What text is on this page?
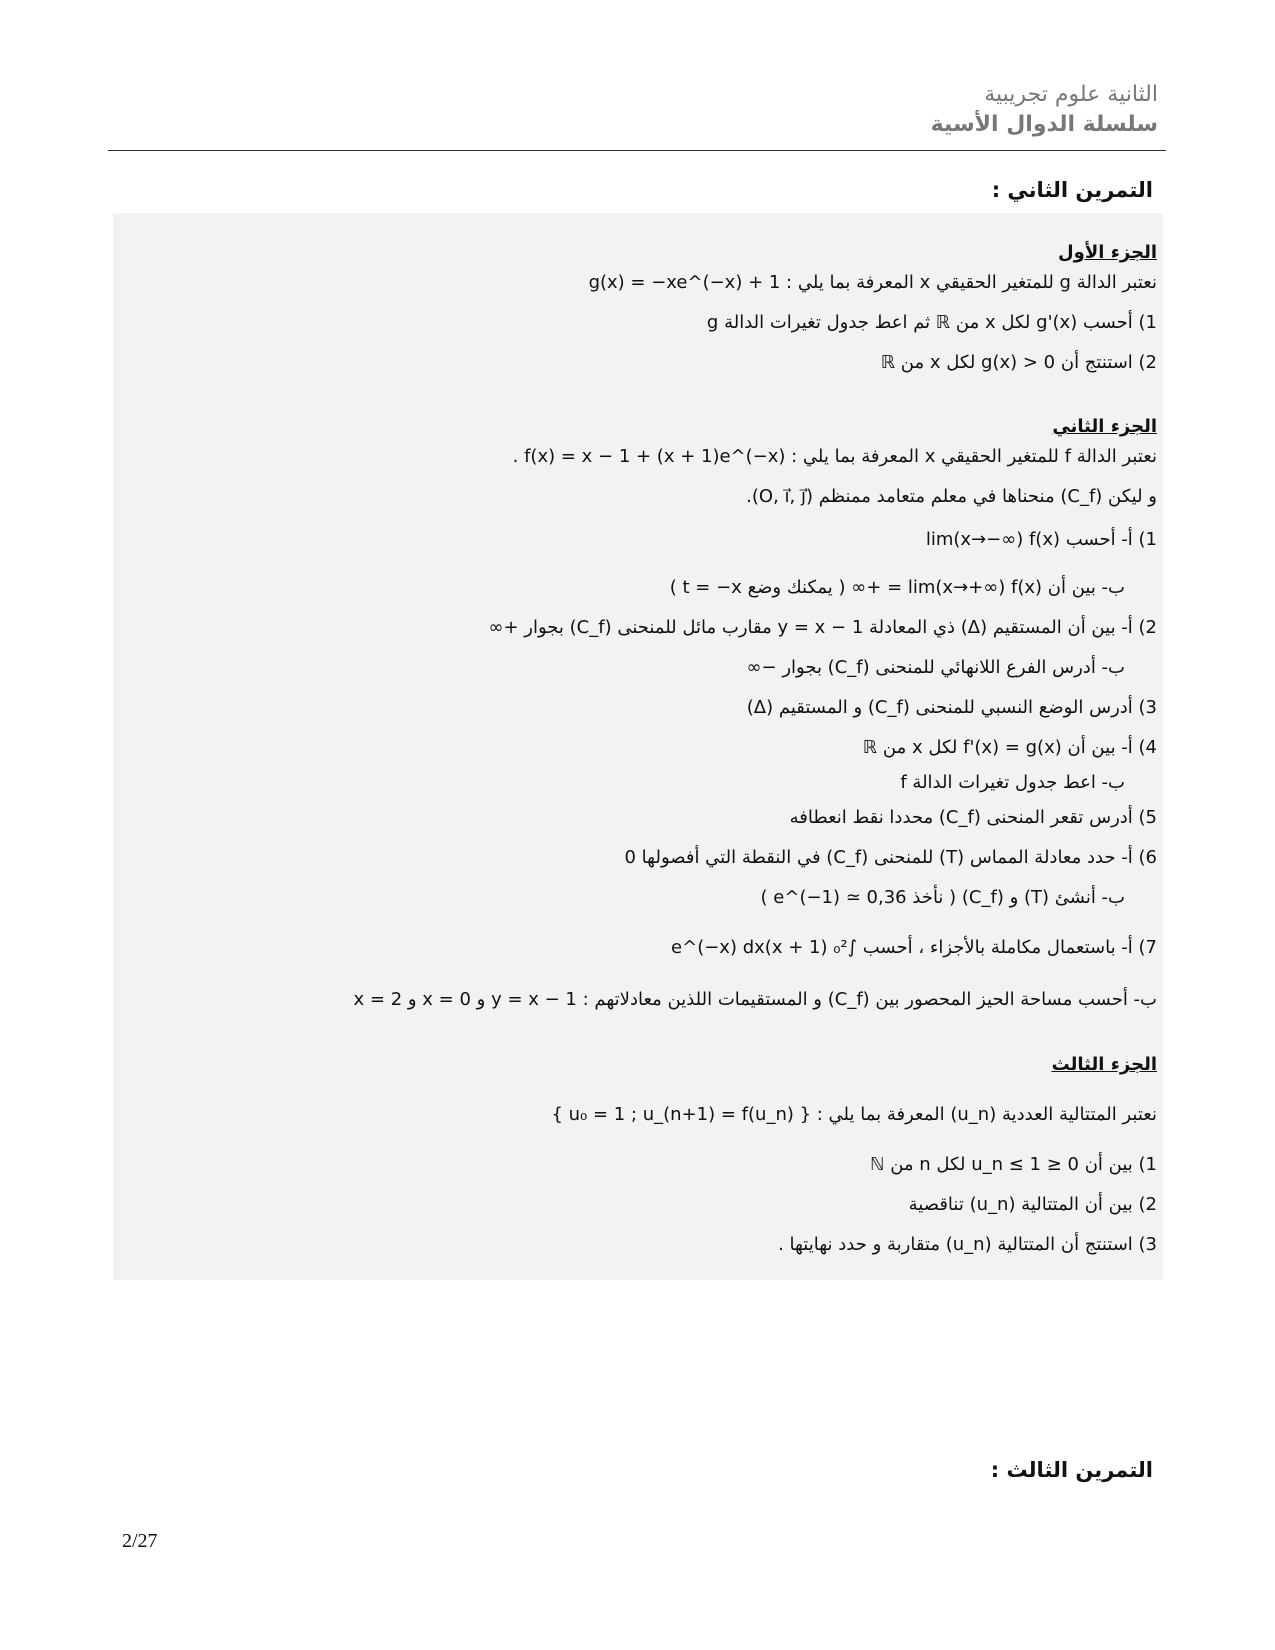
الثانية علوم تجريبية
سلسلة الدوال الأسية
التمرين الثاني :
الجزء الأول
نعتبر الدالة g للمتغير الحقيقي x المعرفة بما يلي : g(x) = −xe^(−x) + 1
1) أحسب g'(x) لكل x من ℝ ثم اعط جدول تغيرات الدالة g
2) استنتج أن g(x) > 0 لكل x من ℝ
الجزء الثاني
نعتبر الدالة f للمتغير الحقيقي x المعرفة بما يلي : f(x) = x − 1 + (x + 1)e^(−x) .
و ليكن (C_f) منحناها في معلم متعامد ممنظم (O, i⃗, j⃗).
1) أ- أحسب lim(x→−∞) f(x)
ب- بين أن lim(x→+∞) f(x) = +∞ ( يمكنك وضع t = −x )
2) أ- بين أن المستقيم (Δ) ذي المعادلة y = x − 1 مقارب مائل للمنحنى (C_f) بجوار +∞
ب- أدرس الفرع اللانهائي للمنحنى (C_f) بجوار −∞
3) أدرس الوضع النسبي للمنحنى (C_f) و المستقيم (Δ)
4) أ- بين أن f'(x) = g(x) لكل x من ℝ
ب- اعط جدول تغيرات الدالة f
5) أدرس تقعر المنحنى (C_f) محددا نقط انعطافه
6) أ- حدد معادلة المماس (T) للمنحنى (C_f) في النقطة التي أفصولها 0
ب- أنشئ (T) و (C_f) ( نأخذ e^(−1) ≃ 0,36 )
7) أ- باستعمال مكاملة بالأجزاء ، أحسب ∫₀² (x + 1)e^(−x) dx
ب- أحسب مساحة الحيز المحصور بين (C_f) و المستقيمات اللذين معادلاتهم : y = x − 1 و x = 0 و x = 2
الجزء الثالث
نعتبر المتتالية العددية (u_n) المعرفة بما يلي : { u₀ = 1 ; u_(n+1) = f(u_n) }
1) بين أن 0 ≤ u_n ≤ 1 لكل n من ℕ
2) بين أن المتتالية (u_n) تناقصية
3) استنتج أن المتتالية (u_n) متقاربة و حدد نهايتها .
التمرين الثالث :
2/27
